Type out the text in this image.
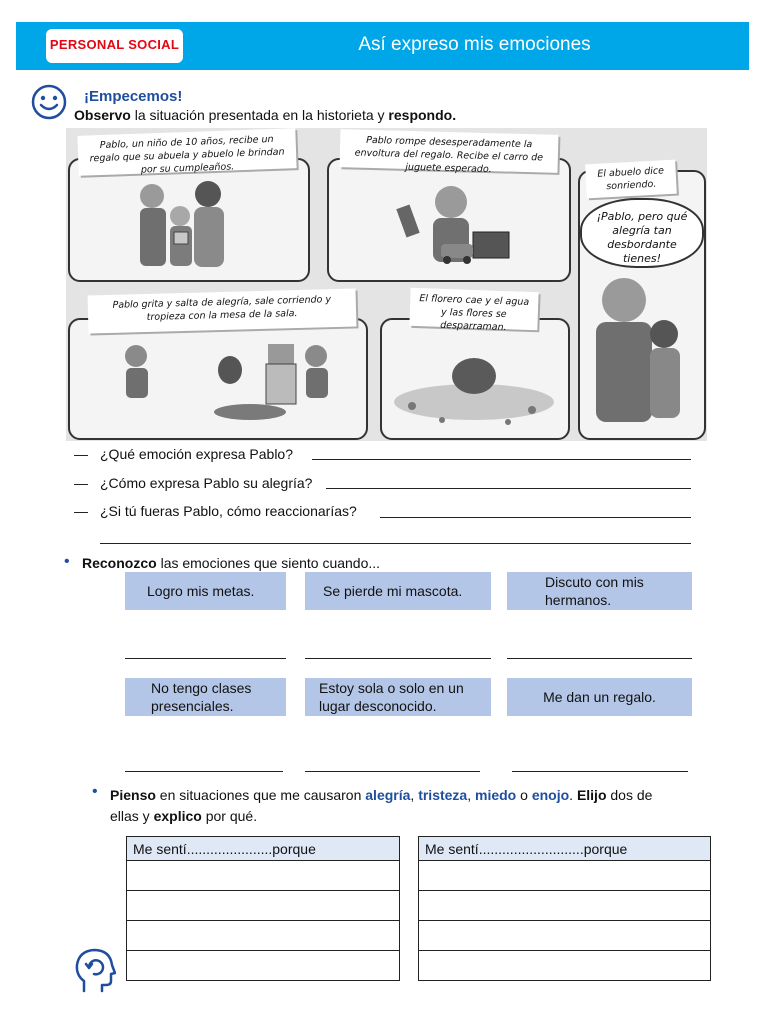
PERSONAL SOCIAL	Así expreso mis emociones
¡Empecemos!
Observo la situación presentada en la historieta y respondo.
Pablo, un niño de 10 años, recibe un regalo que su abuela y abuelo le brindan por su cumpleaños.
Pablo rompe desesperadamente la envoltura del regalo. Recibe el carro de juguete esperado.
Pablo grita y salta de alegría, sale corriendo y tropieza con la mesa de la sala.
El florero cae y el agua y las flores se desparraman.
El abuelo dice sonriendo.
¡Pablo, pero qué alegría tan desbordante tienes!
— ¿Qué emoción expresa Pablo?
— ¿Cómo expresa Pablo su alegría?
— ¿Si tú fueras Pablo, cómo reaccionarías?
• Reconozco las emociones que siento cuando...
Logro mis metas.	Se pierde mi mascota.
Discuto con mis hermanos.
No tengo clases presenciales.
Estoy sola o solo en un lugar desconocido.
Me dan un regalo.
• Pienso en situaciones que me causaron alegría, tristeza, miedo o enojo. Elijo dos de
ellas y explico por qué.
Me sentí......................porque	Me sentí...........................porque
